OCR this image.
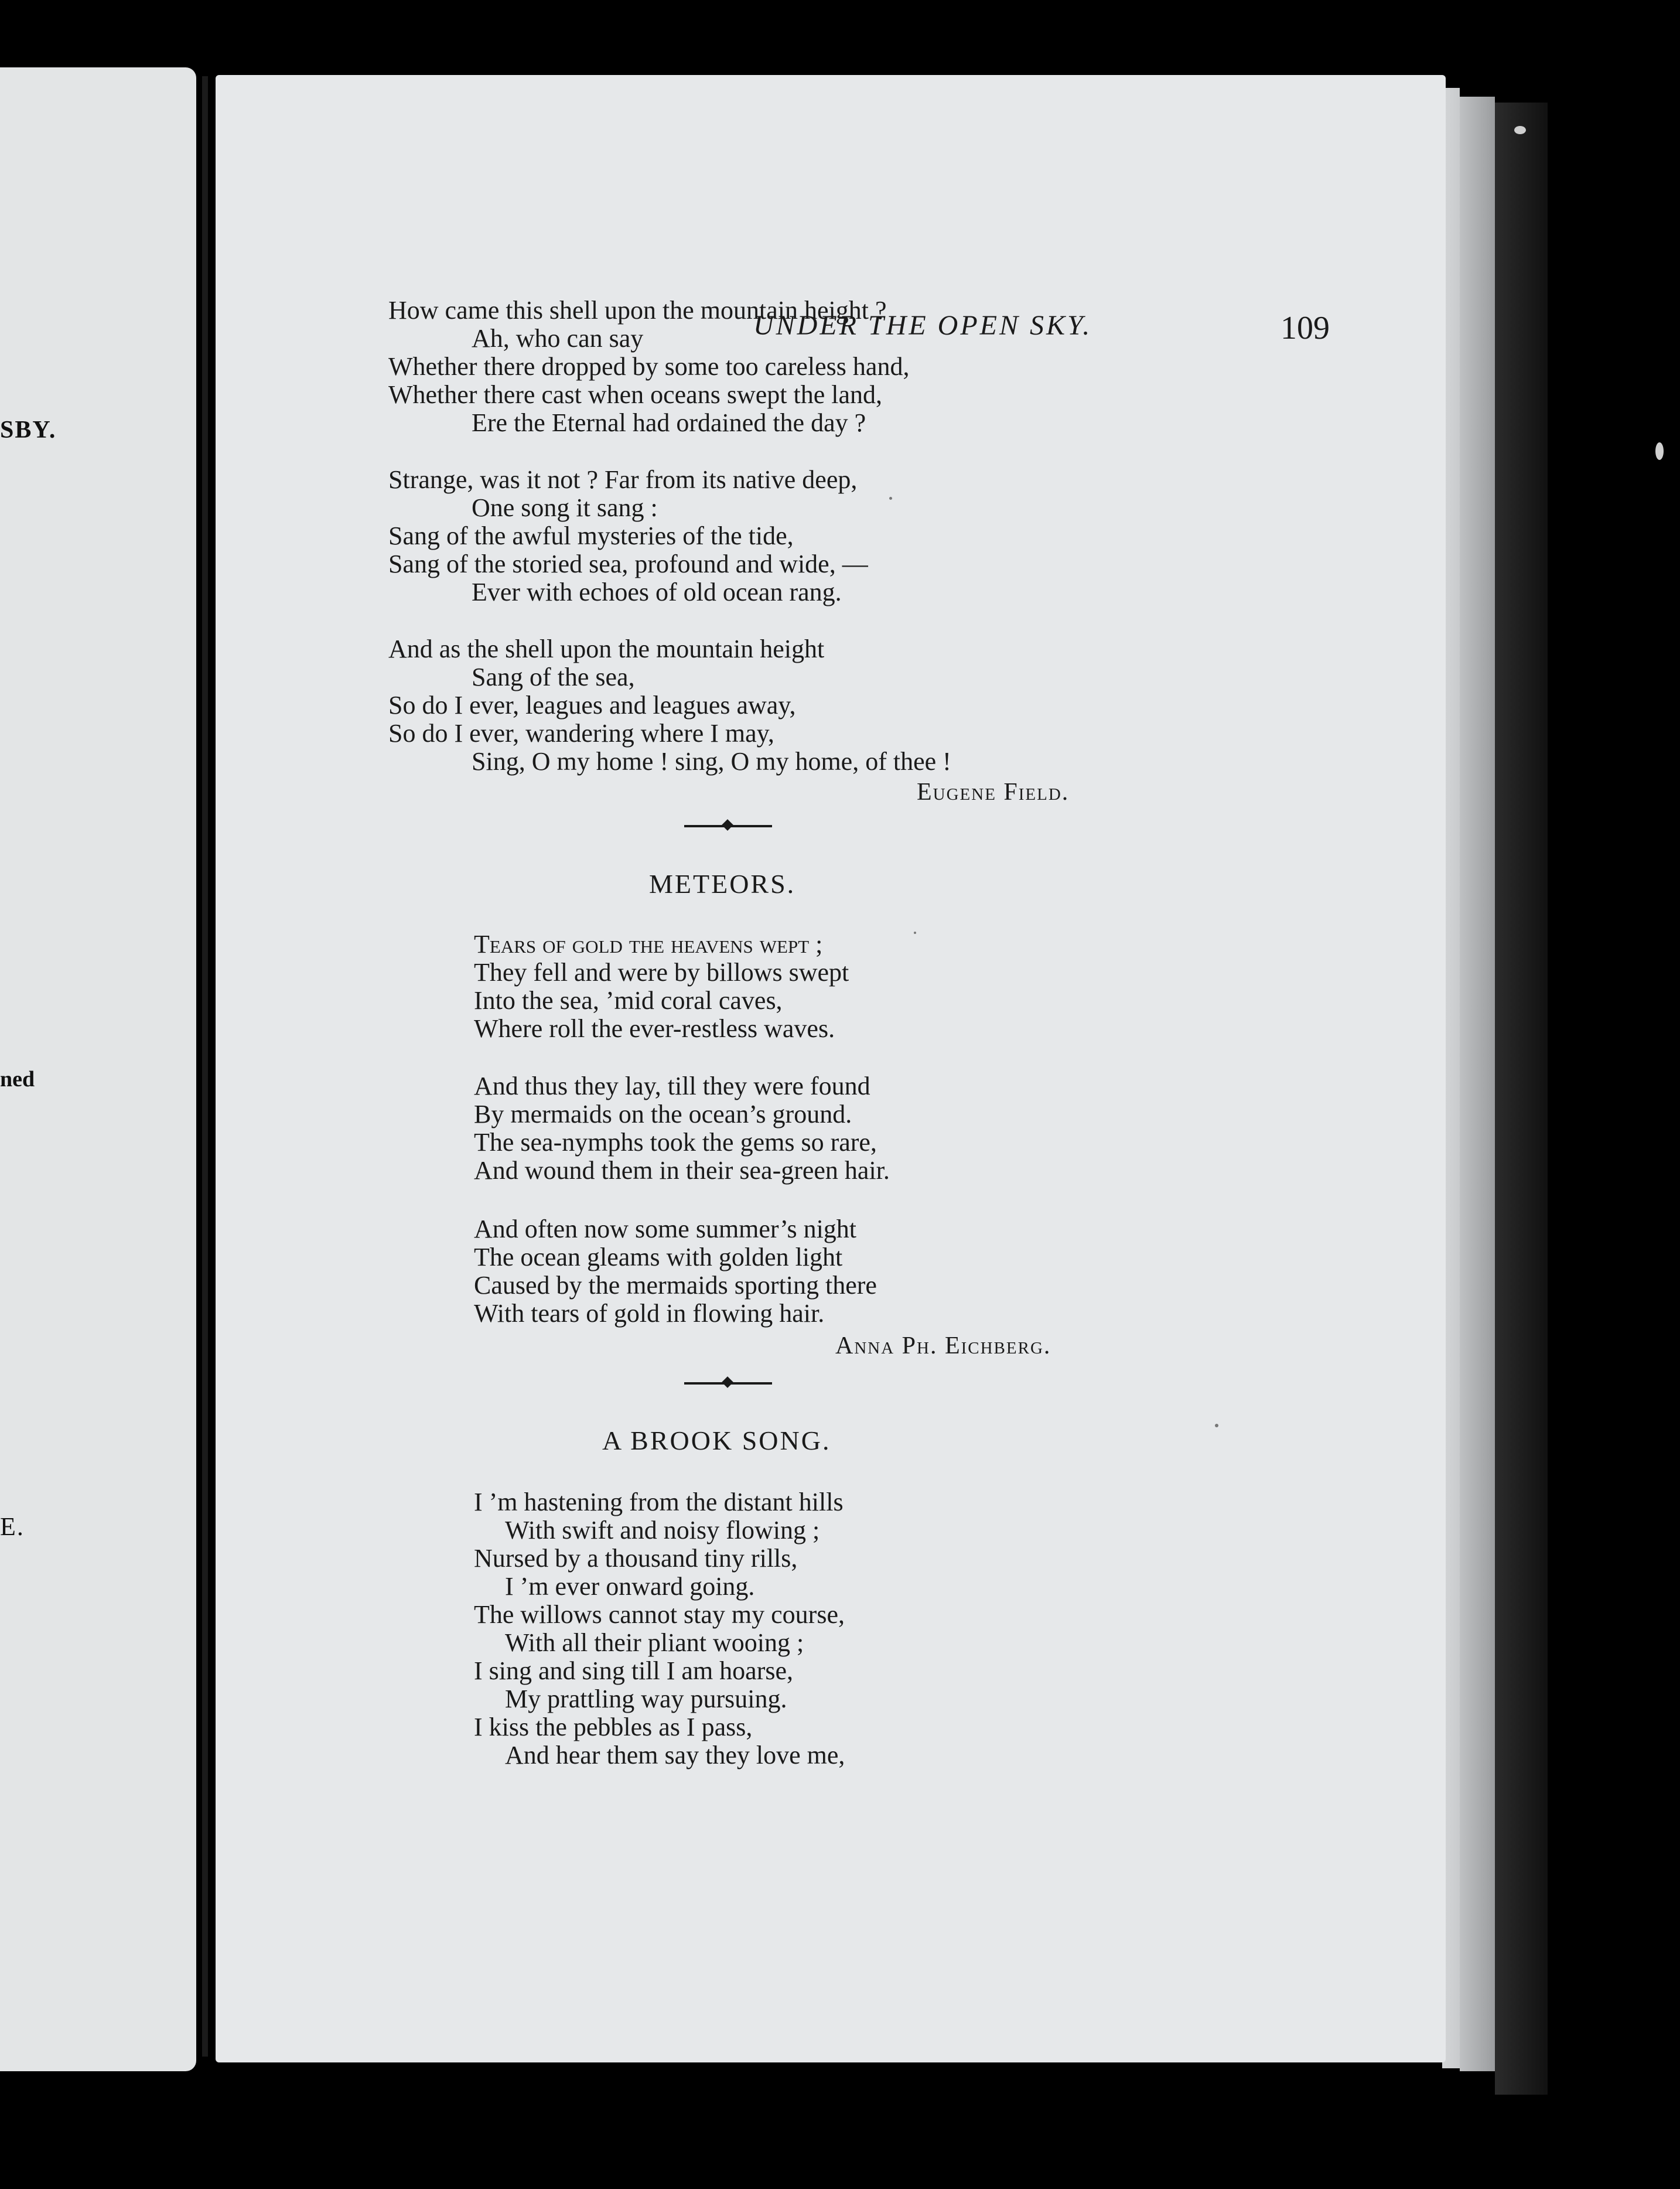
SBY.
ned
E.
UNDER THE OPEN SKY.	109
How came this shell upon the mountain height ?
Ah, who can say
Whether there dropped by some too careless hand,
Whether there cast when oceans swept the land,
Ere the Eternal had ordained the day ?
Strange, was it not ? Far from its native deep,
One song it sang :
Sang of the awful mysteries of the tide,
Sang of the storied sea, profound and wide, —
Ever with echoes of old ocean rang.
And as the shell upon the mountain height
Sang of the sea,
So do I ever, leagues and leagues away,
So do I ever, wandering where I may,
Sing, O my home ! sing, O my home, of thee !
Eugene Field.
METEORS.
Tears of gold the heavens wept ;
They fell and were by billows swept
Into the sea, ’mid coral caves,
Where roll the ever-restless waves.
And thus they lay, till they were found
By mermaids on the ocean’s ground.
The sea-nymphs took the gems so rare,
And wound them in their sea-green hair.
And often now some summer’s night
The ocean gleams with golden light
Caused by the mermaids sporting there
With tears of gold in flowing hair.
Anna Ph. Eichberg.
A BROOK SONG.
I ’m hastening from the distant hills
With swift and noisy flowing ;
Nursed by a thousand tiny rills,
I ’m ever onward going.
The willows cannot stay my course,
With all their pliant wooing ;
I sing and sing till I am hoarse,
My prattling way pursuing.
I kiss the pebbles as I pass,
And hear them say they love me,
